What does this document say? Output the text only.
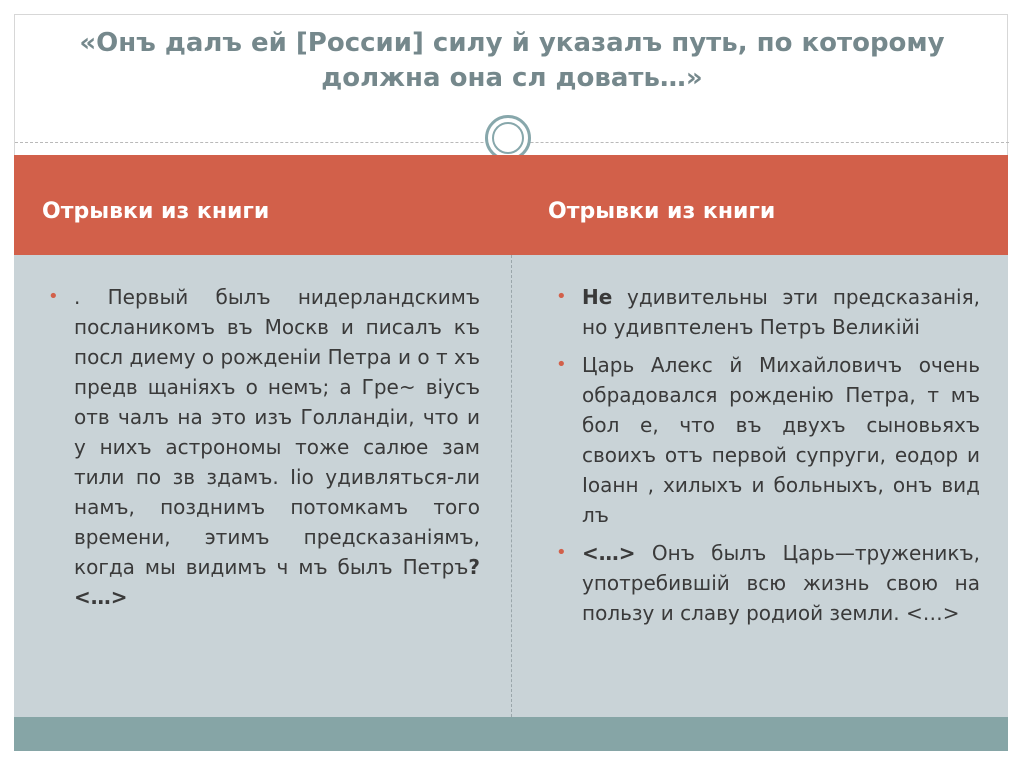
«Онъ далъ ей [России] силу й указалъ путь, по которому
должна она сл довать…»
Отрывки из книги	Отрывки из книги
• . Первый былъ нидерландскимъ посланикомъ въ Москв и писалъ къ посл диему о рожденіи Петра и о т хъ предв щаніяхъ о немъ; а Гре~ віусъ отв чалъ на это изъ Голландіи, что и у нихъ астрономы тоже салюе зам тили по зв здамъ. Ііо удивляться-ли намъ, позднимъ потомкамъ того времени, этимъ предсказаніямъ, когда мы видимъ ч мъ былъ Петръ? <…>
• Не удивительны эти предсказанія, но удивптеленъ Петръ Великійі
• Царь Алекс й Михайловичъ очень обрадовался рожденію Петра, т мъ бол е, что въ двухъ сыновьяхъ своихъ отъ первой супруги, еодор и Іоанн , хилыхъ и больныхъ, онъ вид лъ
• <…> Онъ былъ Царь—труженикъ, употребившій всю жизнь свою на пользу и славу родиой земли. <…>
